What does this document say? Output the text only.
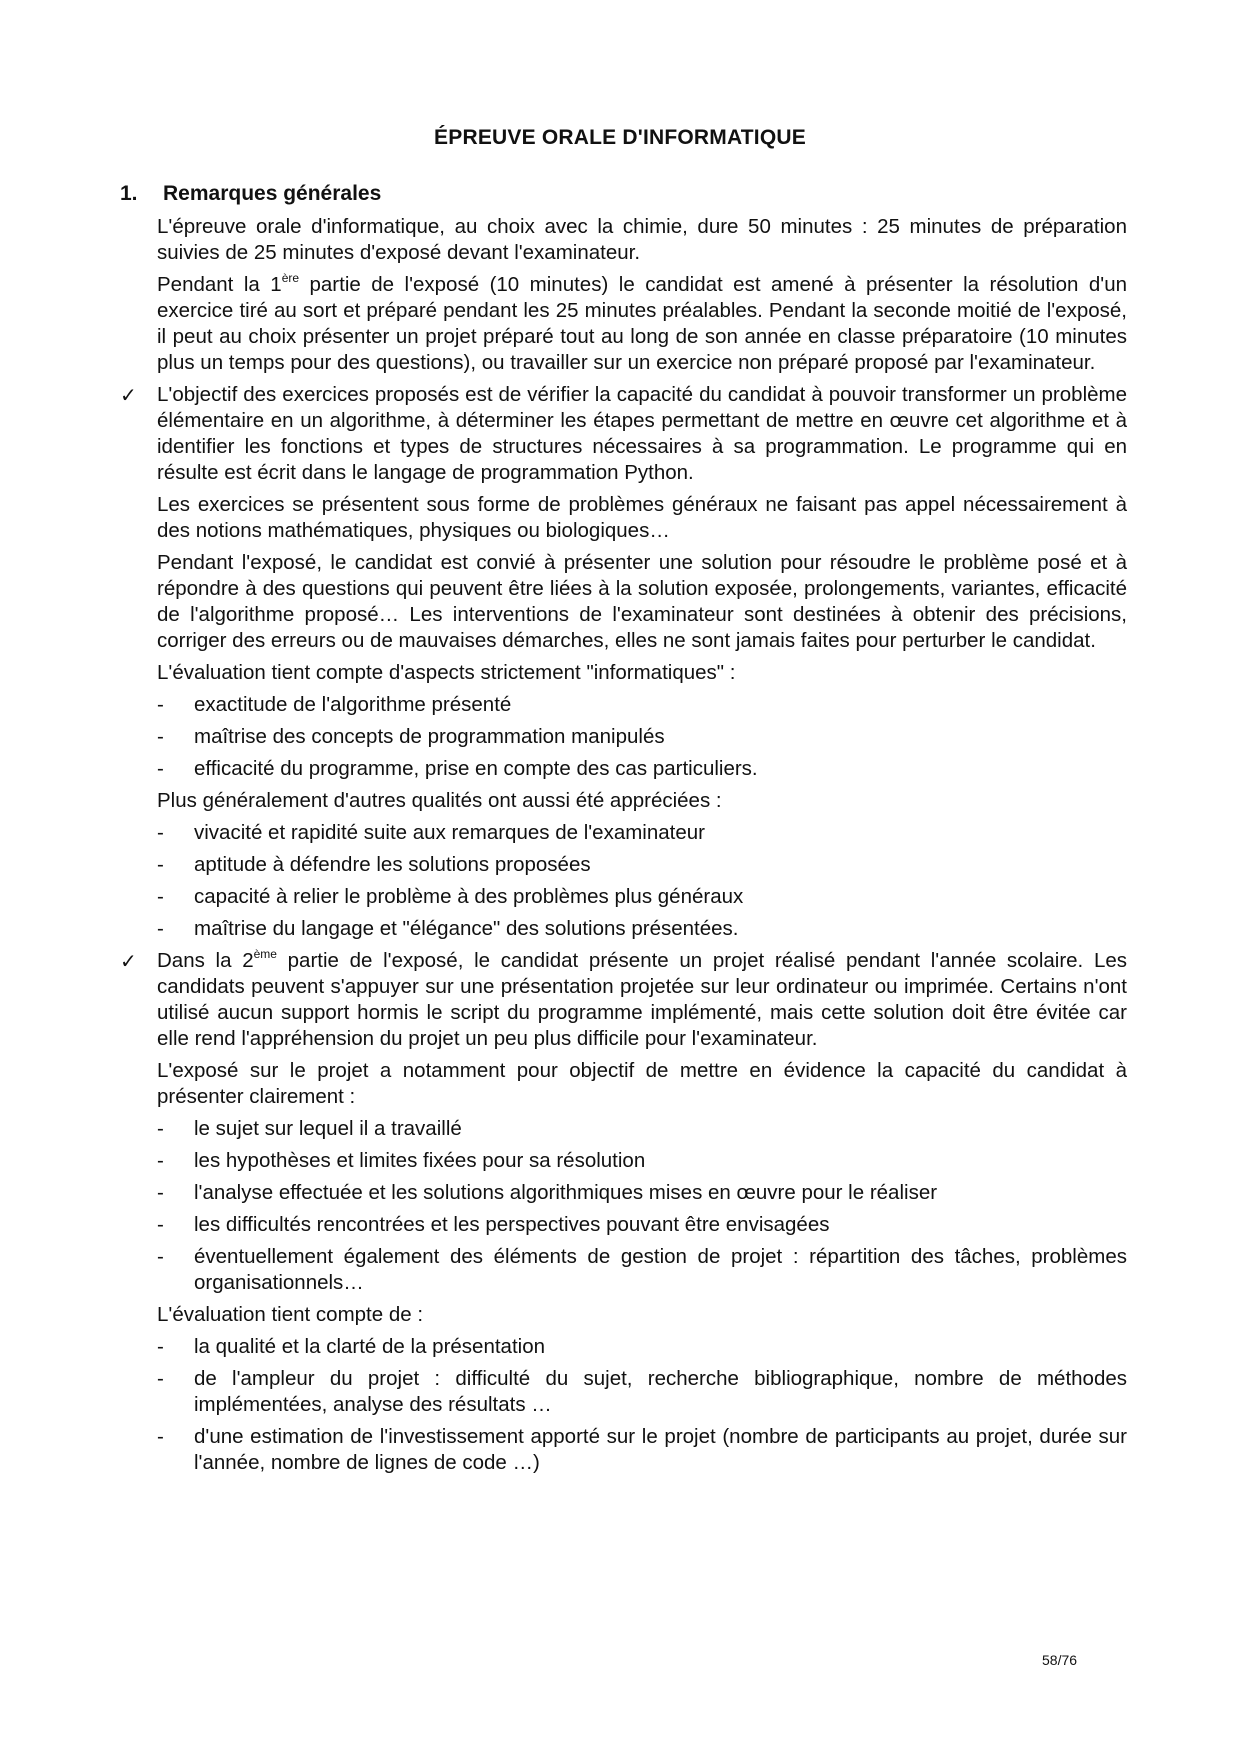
ÉPREUVE ORALE D'INFORMATIQUE
1. Remarques générales

L'épreuve orale d'informatique, au choix avec la chimie, dure 50 minutes : 25 minutes de préparation suivies de 25 minutes d'exposé devant l'examinateur.

Pendant la 1ère partie de l'exposé (10 minutes) le candidat est amené à présenter la résolution d'un exercice tiré au sort et préparé pendant les 25 minutes préalables. Pendant la seconde moitié de l'exposé, il peut au choix présenter un projet préparé tout au long de son année en classe préparatoire (10 minutes plus un temps pour des questions), ou travailler sur un exercice non préparé proposé par l'examinateur.

✓ L'objectif des exercices proposés est de vérifier la capacité du candidat à pouvoir transformer un problème élémentaire en un algorithme, à déterminer les étapes permettant de mettre en œuvre cet algorithme et à identifier les fonctions et types de structures nécessaires à sa programmation. Le programme qui en résulte est écrit dans le langage de programmation Python.

Les exercices se présentent sous forme de problèmes généraux ne faisant pas appel nécessairement à des notions mathématiques, physiques ou biologiques…

Pendant l'exposé, le candidat est convié à présenter une solution pour résoudre le problème posé et à répondre à des questions qui peuvent être liées à la solution exposée, prolongements, variantes, efficacité de l'algorithme proposé… Les interventions de l'examinateur sont destinées à obtenir des précisions, corriger des erreurs ou de mauvaises démarches, elles ne sont jamais faites pour perturber le candidat.

L'évaluation tient compte d'aspects strictement "informatiques" :

- exactitude de l'algorithme présenté
- maîtrise des concepts de programmation manipulés
- efficacité du programme, prise en compte des cas particuliers.

Plus généralement d'autres qualités ont aussi été appréciées :

- vivacité et rapidité suite aux remarques de l'examinateur
- aptitude à défendre les solutions proposées
- capacité à relier le problème à des problèmes plus généraux
- maîtrise du langage et "élégance" des solutions présentées.

✓ Dans la 2ème partie de l'exposé, le candidat présente un projet réalisé pendant l'année scolaire. Les candidats peuvent s'appuyer sur une présentation projetée sur leur ordinateur ou imprimée. Certains n'ont utilisé aucun support hormis le script du programme implémenté, mais cette solution doit être évitée car elle rend l'appréhension du projet un peu plus difficile pour l'examinateur.

L'exposé sur le projet a notamment pour objectif de mettre en évidence la capacité du candidat à présenter clairement :

- le sujet sur lequel il a travaillé
- les hypothèses et limites fixées pour sa résolution
- l'analyse effectuée et les solutions algorithmiques mises en œuvre pour le réaliser
- les difficultés rencontrées et les perspectives pouvant être envisagées
- éventuellement également des éléments de gestion de projet : répartition des tâches, problèmes organisationnels…

L'évaluation tient compte de :

- la qualité et la clarté de la présentation
- de l'ampleur du projet : difficulté du sujet, recherche bibliographique, nombre de méthodes implémentées, analyse des résultats …
- d'une estimation de l'investissement apporté sur le projet (nombre de participants au projet, durée sur l'année, nombre de lignes de code …)
58/76
